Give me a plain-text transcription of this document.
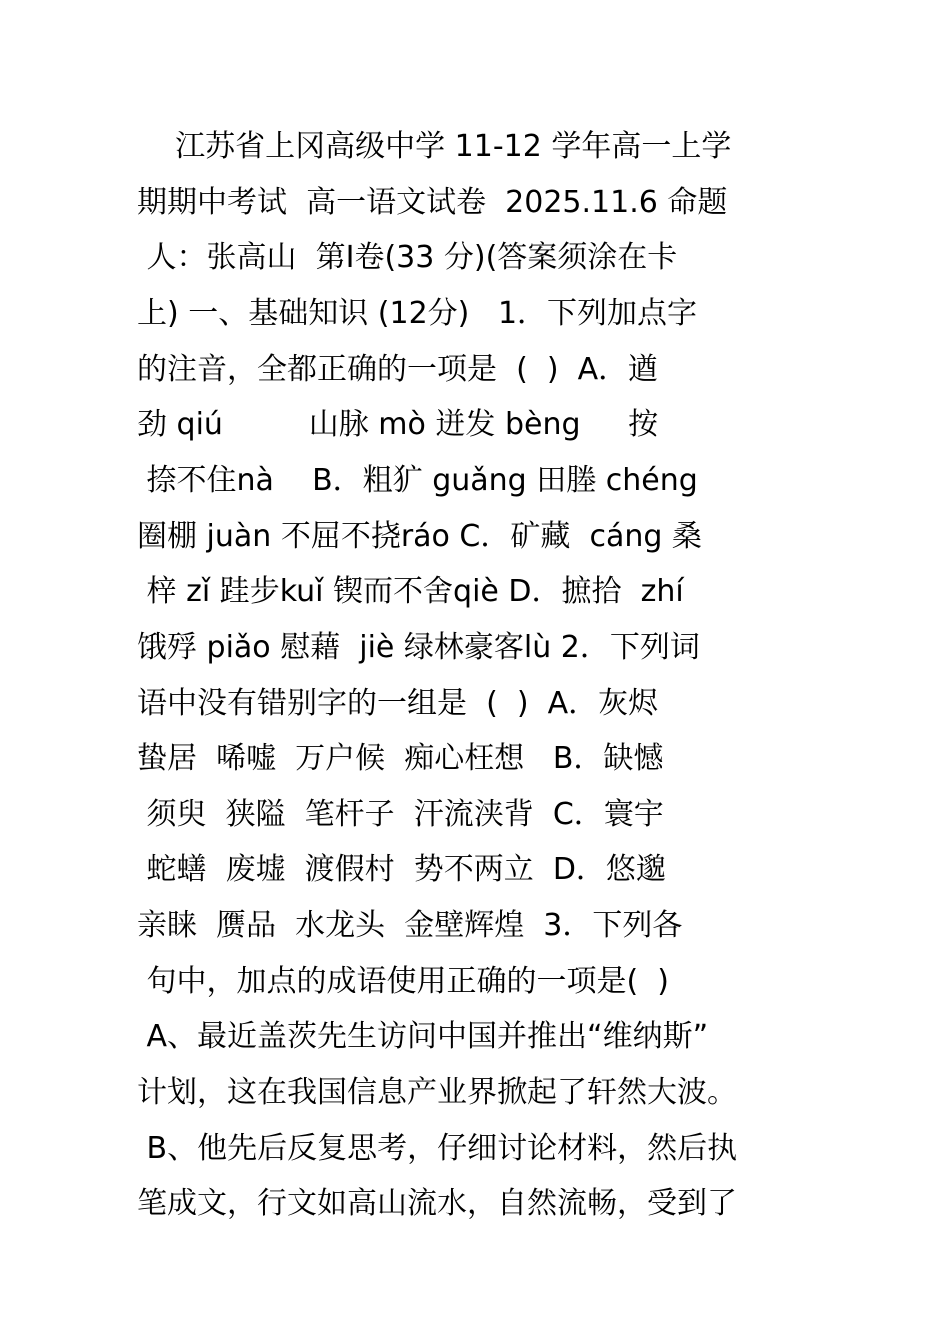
江苏省上冈高级中学 11-12 学年高一上学
期期中考试  高一语文试卷  2025.11.6 命题
人：张高山  第Ⅰ卷(33 分)(答案须涂在卡
上) 一、基础知识 (12分)   1．下列加点字
的注音，全都正确的一项是  (  )  A．遒
劲 qiú         山脉 mò 迸发 bèng     按
捺不住nà    B．粗犷 guǎng 田塍 chéng
圈棚 juàn 不屈不挠ráo C．矿藏  cáng 桑
梓 zǐ 跬步kuǐ 锲而不舍qiè D．摭拾  zhí
饿殍 piǎo 慰藉  jiè 绿林豪客lù 2．下列词
语中没有错别字的一组是  (  )  A．灰烬
蛰居  唏嘘  万户候  痴心枉想   B．缺憾
须臾  狭隘  笔杆子  汗流浃背  C．寰宇
蛇蟮  废墟  渡假村  势不两立  D．悠邈
亲睐  赝品  水龙头  金壁辉煌  3．下列各
句中，加点的成语使用正确的一项是(  )
A、最近盖茨先生访问中国并推出“维纳斯”
计划，这在我国信息产业界掀起了轩然大波。
B、他先后反复思考，仔细讨论材料，然后执
笔成文，行文如高山流水，自然流畅，受到了
